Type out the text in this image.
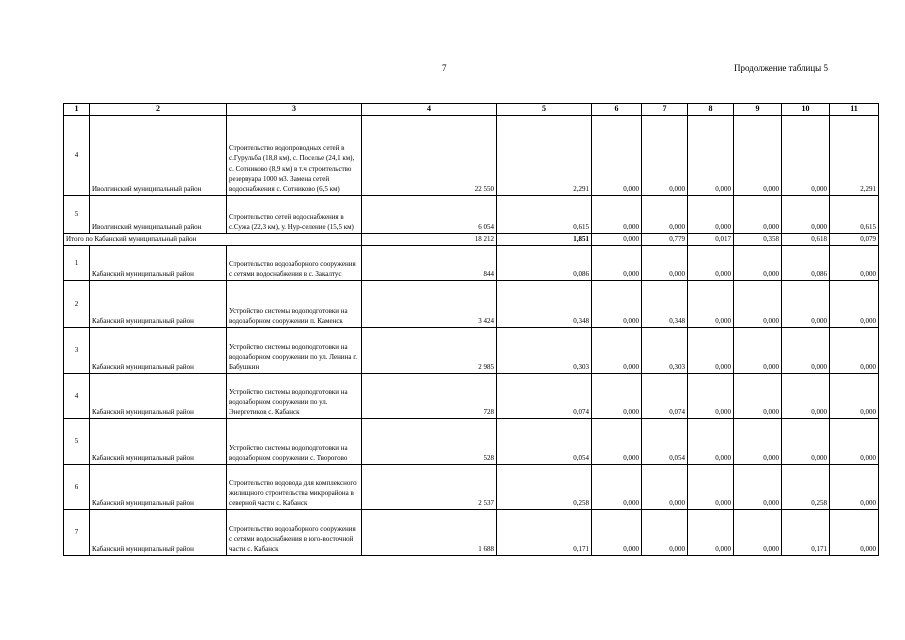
7	Продолжение таблицы 5
1	2	3	4	5	6	7	8	9	10	11
4	Иволгинский муниципальный район	Строительство водопроводных сетей в с.Гурульба (18,8 км), с. Поселье (24,1 км), с. Сотниково (8,9 км) в т.ч строительство резервуара 1000 м3. Замена сетей водоснабжения с. Сотниково (6,5 км)	22 550	2,291	0,000	0,000	0,000	0,000	0,000	2,291
5	Иволгинский муниципальный район	Строительство сетей водоснабжения в с.Сужа (22,3 км), у. Нур-селение (15,5 км)	6 054	0,615	0,000	0,000	0,000	0,000	0,000	0,615
Итого по Кабанский муниципальный район			18 212	1,851	0,000	0,779	0,017	0,358	0,618	0,079
1	Кабанский муниципальный район	Строительство водозаборного сооружения с сетями водоснабжения в с. Закалтус	844	0,086	0,000	0,000	0,000	0,000	0,086	0,000
2	Кабанский муниципальный район	Устройство системы водоподготовки на водозаборном сооружении п. Каменск	3 424	0,348	0,000	0,348	0,000	0,000	0,000	0,000
3	Кабанский муниципальный район	Устройство системы водоподготовки на водозаборном сооружении по ул. Ленина г. Бабушкин	2 985	0,303	0,000	0,303	0,000	0,000	0,000	0,000
4	Кабанский муниципальный район	Устройство системы водоподготовки на водозаборном сооружении по ул. Энергетиков с. Кабанск	728	0,074	0,000	0,074	0,000	0,000	0,000	0,000
5	Кабанский муниципальный район	Устройство системы водоподготовки на водозаборном сооружении с. Творогово	528	0,054	0,000	0,054	0,000	0,000	0,000	0,000
6	Кабанский муниципальный район	Строительство водовода для комплексного жилищного строительства микрорайона в северной части с. Кабанск	2 537	0,258	0,000	0,000	0,000	0,000	0,258	0,000
7	Кабанский муниципальный район	Строительство водозаборного сооружения с сетями водоснабжения в юго-восточной части с. Кабанск	1 688	0,171	0,000	0,000	0,000	0,000	0,171	0,000
